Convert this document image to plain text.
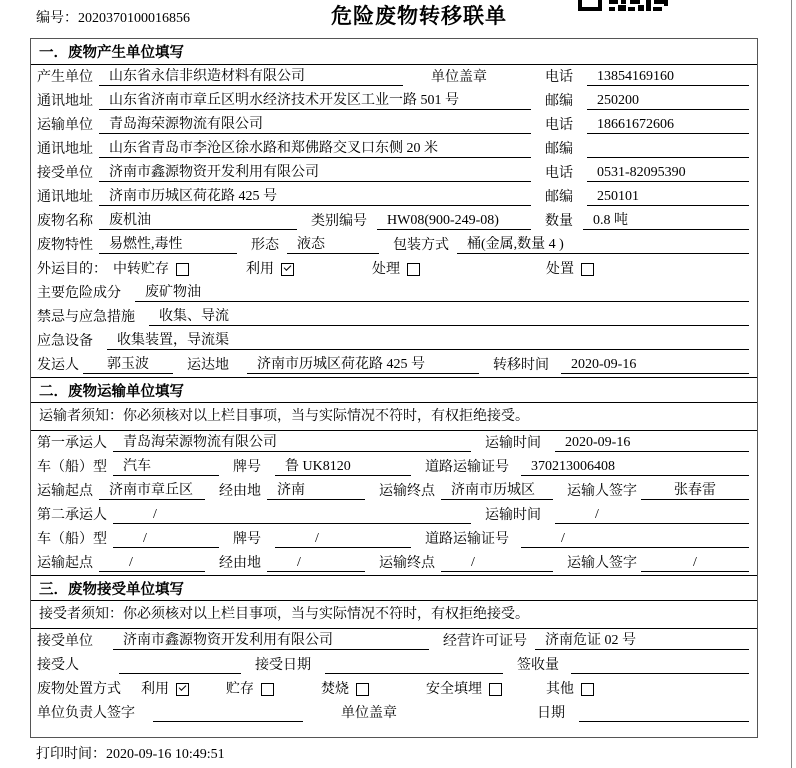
编号：2020370100016856	危险废物转移联单
一．废物产生单位填写
产生单位	山东省永信非织造材料有限公司	单位盖章	电话	13854169160
通讯地址	山东省济南市章丘区明水经济技术开发区工业一路 501 号	邮编	250200
运输单位	青岛海荣源物流有限公司	电话	18661672606
通讯地址	山东省青岛市李沧区徐水路和郑佛路交叉口东侧 20 米	邮编
接受单位	济南市鑫源物资开发利用有限公司	电话	0531-82095390
通讯地址	济南市历城区荷花路 425 号	邮编	250101
废物名称	废机油	类别编号	HW08(900-249-08)	数量	0.8 吨
废物特性	易燃性,毒性	形态	液态	包装方式	桶(金属,数量 4 )
外运目的： 中转贮存	利用	处理	处置
主要危险成分	废矿物油
禁忌与应急措施	收集、导流
应急设备	收集装置，导流渠
发运人	郭玉波	运达地	济南市历城区荷花路 425 号	转移时间	2020-09-16
二．废物运输单位填写
运输者须知：你必须核对以上栏目事项，当与实际情况不符时，有权拒绝接受。
第一承运人	青岛海荣源物流有限公司	运输时间	2020-09-16
车（船）型	汽车	牌号	鲁 UK8120	道路运输证号	370213006408
运输起点	济南市章丘区	经由地	济南	运输终点	济南市历城区	运输人签字	张春雷
第二承运人	/	运输时间	/
车（船）型	/	牌号	/	道路运输证号	/
运输起点	/	经由地	/	运输终点	/	运输人签字	/
三．废物接受单位填写
接受者须知：你必须核对以上栏目事项，当与实际情况不符时，有权拒绝接受。
接受单位	济南市鑫源物资开发利用有限公司	经营许可证号	济南危证 02 号
接受人	接受日期	签收量
废物处置方式 利用	贮存	焚烧	安全填埋	其他
单位负责人签字	单位盖章	日期
打印时间：2020-09-16 10:49:51
